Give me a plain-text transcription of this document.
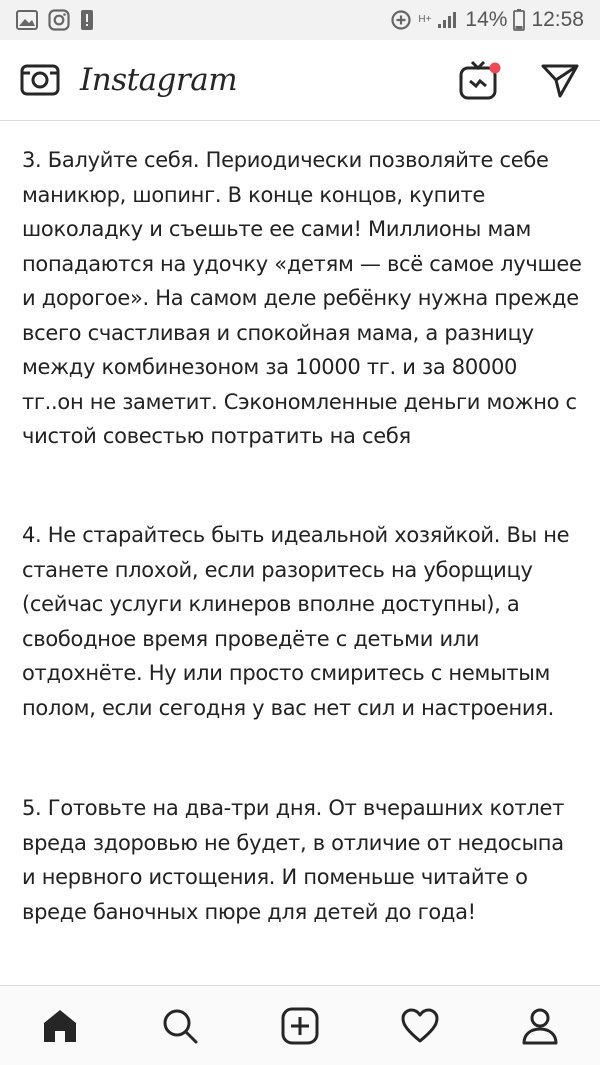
H+ 14% 12:58
Instagram

3. Балуйте себя. Периодически позволяйте себе маникюр, шопинг. В конце концов, купите шоколадку и съешьте ее сами! Миллионы мам попадаются на удочку «детям — всё самое лучшее и дорогое». На самом деле ребёнку нужна прежде всего счастливая и спокойная мама, а разницу между комбинезоном за 10000 тг. и за 80000 тг..он не заметит. Сэкономленные деньги можно с чистой совестью потратить на себя

4. Не старайтесь быть идеальной хозяйкой. Вы не станете плохой, если разоритесь на уборщицу (сейчас услуги клинеров вполне доступны), а свободное время проведёте с детьми или отдохнёте. Ну или просто смиритесь с немытым полом, если сегодня у вас нет сил и настроения.

5. Готовьте на два-три дня. От вчерашних котлет вреда здоровью не будет, в отличие от недосыпа и нервного истощения. И поменьше читайте о вреде баночных пюре для детей до года!
